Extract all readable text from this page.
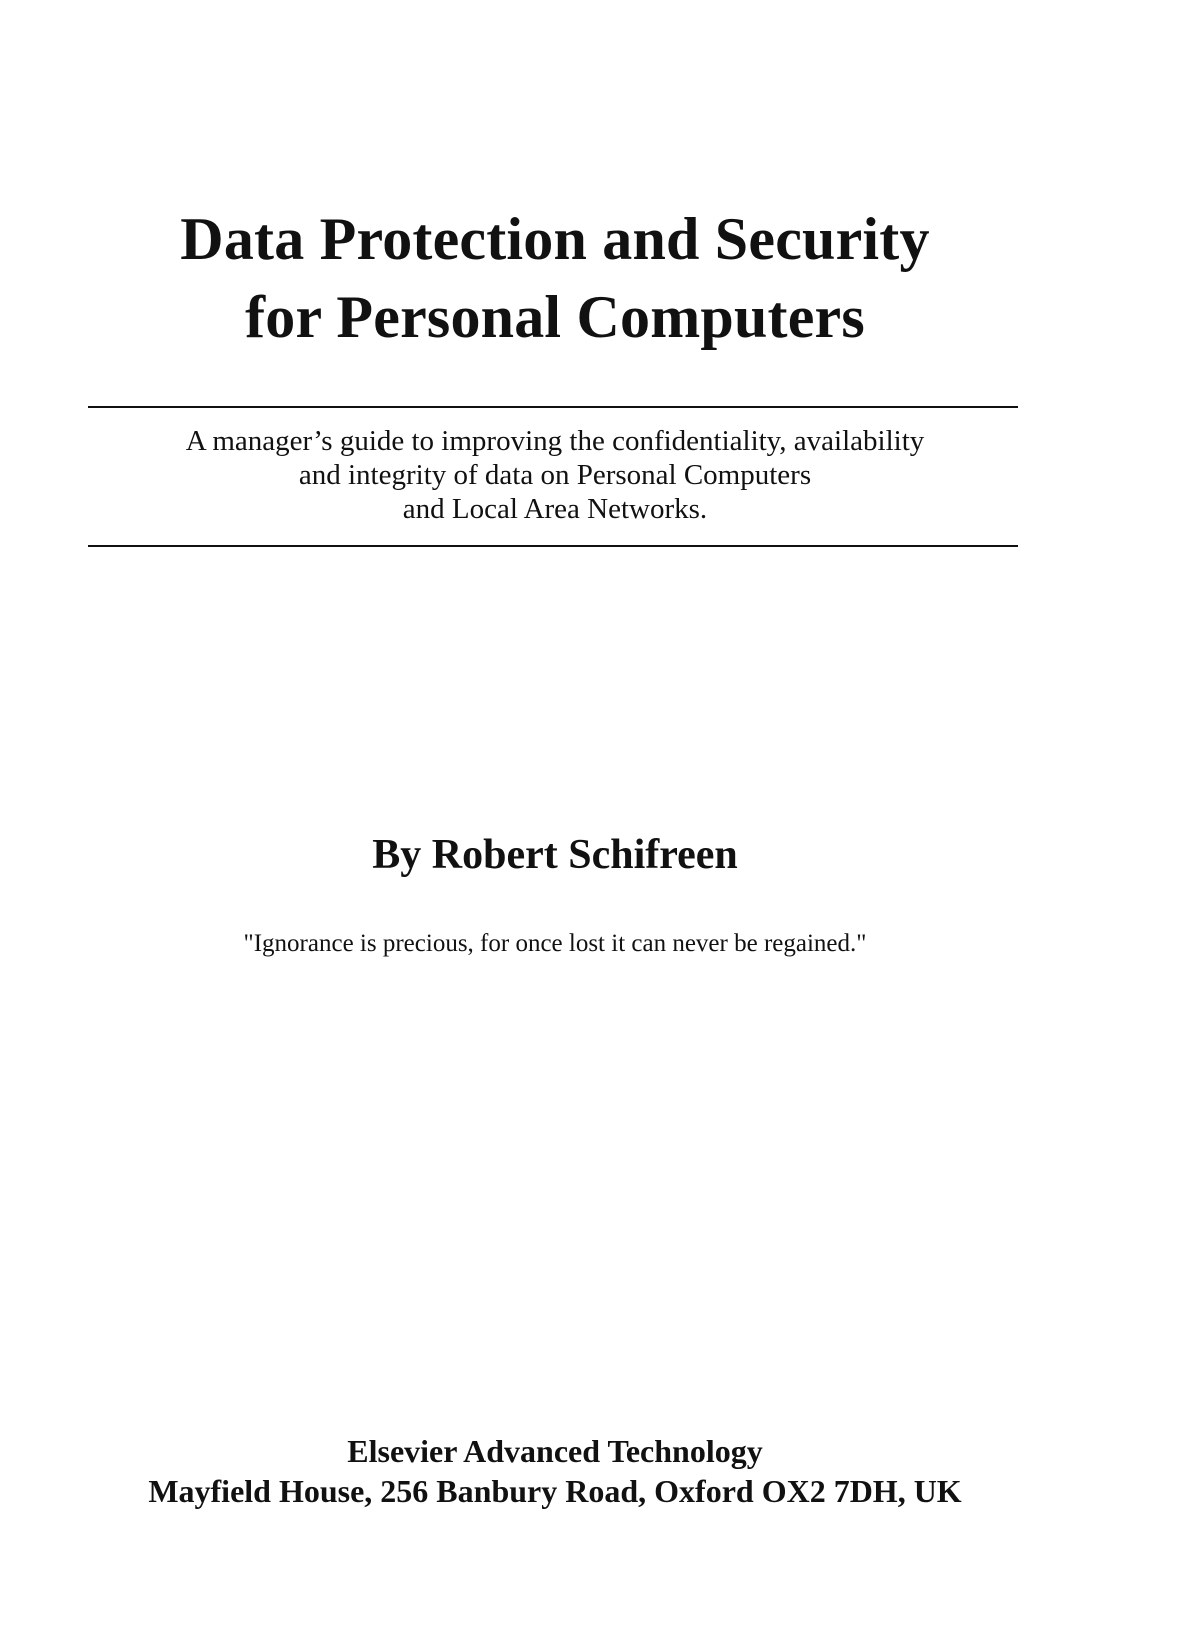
Data Protection and Security
for Personal Computers
A manager’s guide to improving the confidentiality, availability
and integrity of data on Personal Computers
and Local Area Networks.
By Robert Schifreen
"Ignorance is precious, for once lost it can never be regained."
Elsevier Advanced Technology
Mayfield House, 256 Banbury Road, Oxford OX2 7DH, UK
